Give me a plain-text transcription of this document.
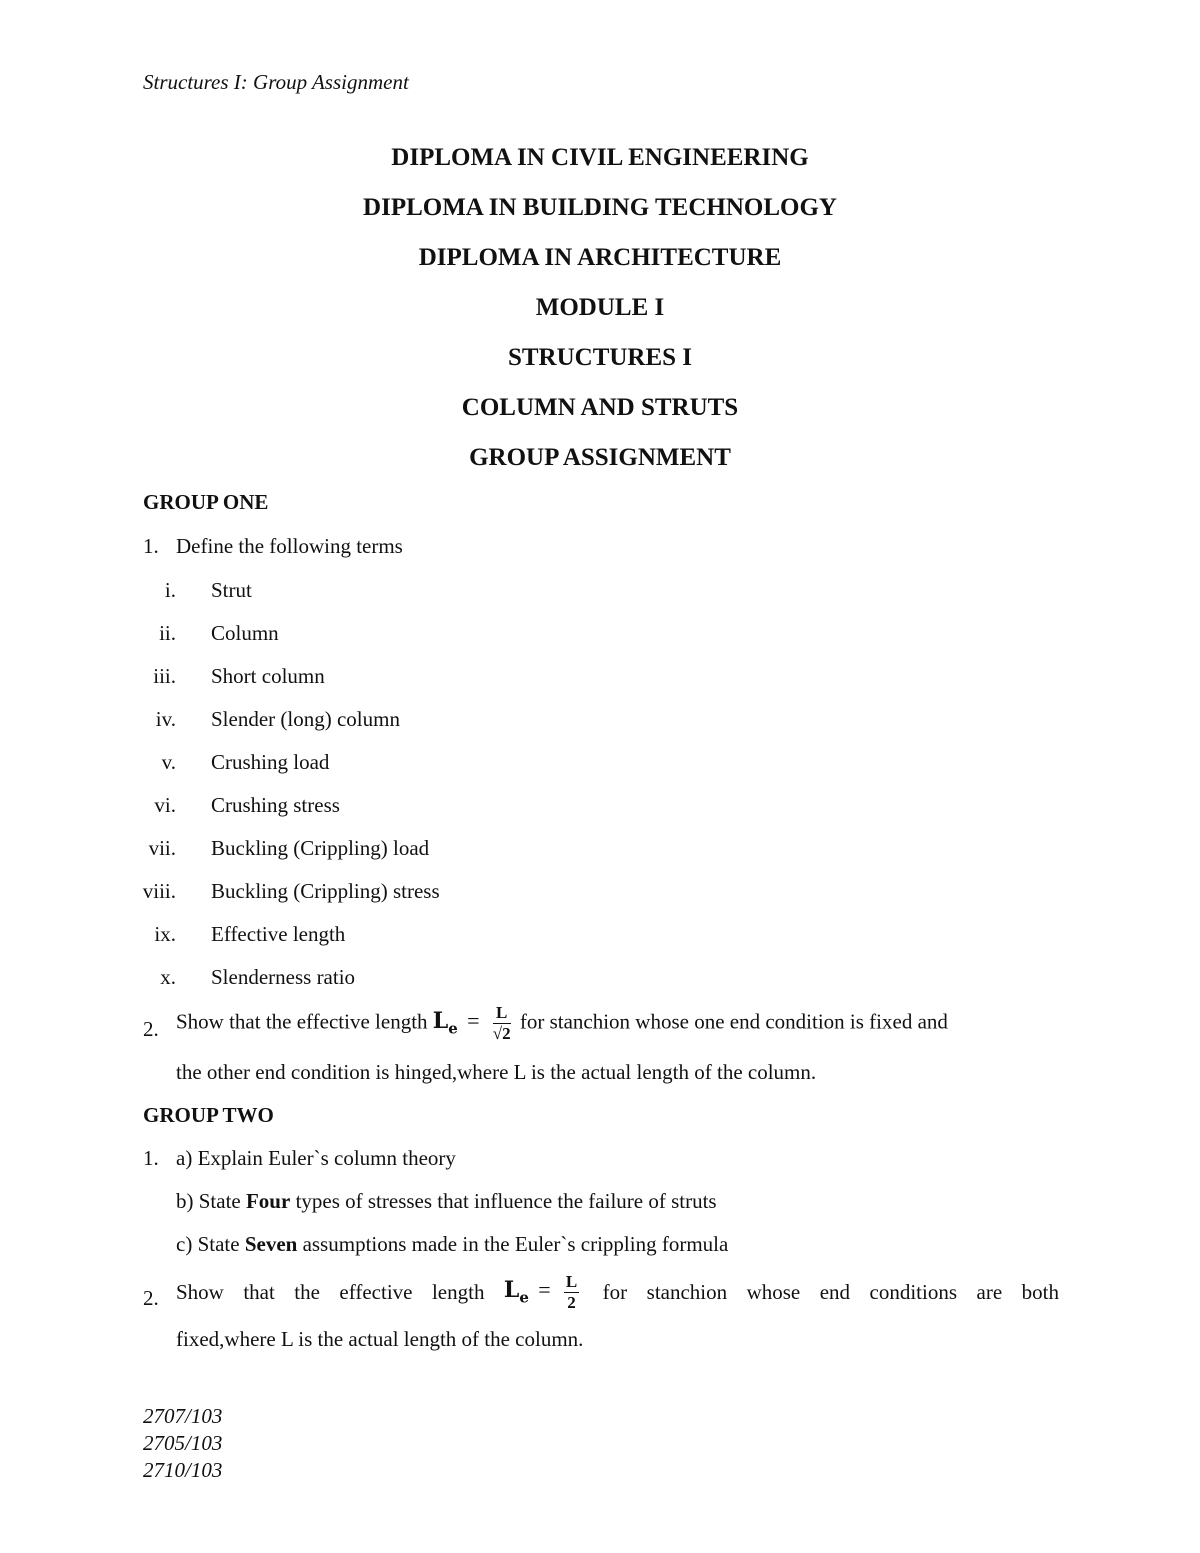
Structures I: Group Assignment
DIPLOMA IN CIVIL ENGINEERING
DIPLOMA IN BUILDING TECHNOLOGY
DIPLOMA IN ARCHITECTURE
MODULE I
STRUCTURES I
COLUMN AND STRUTS
GROUP ASSIGNMENT
GROUP ONE
1. Define the following terms
i. Strut
ii. Column
iii. Short column
iv. Slender (long) column
v. Crushing load
vi. Crushing stress
vii. Buckling (Crippling) load
viii. Buckling (Crippling) stress
ix. Effective length
x. Slenderness ratio
2. Show that the effective length $L_e = \frac{L}{√2}$ for stanchion whose one end condition is fixed and
the other end condition is hinged,where L is the actual length of the column.
GROUP TWO
1. a) Explain Euler`s column theory
b) State Four types of stresses that influence the failure of struts
c) State Seven assumptions made in the Euler`s crippling formula
2. Show that the effective length $L_e = \frac{L}{2}$ for stanchion whose end conditions are both
fixed,where L is the actual length of the column.
2707/103
2705/103
2710/103
